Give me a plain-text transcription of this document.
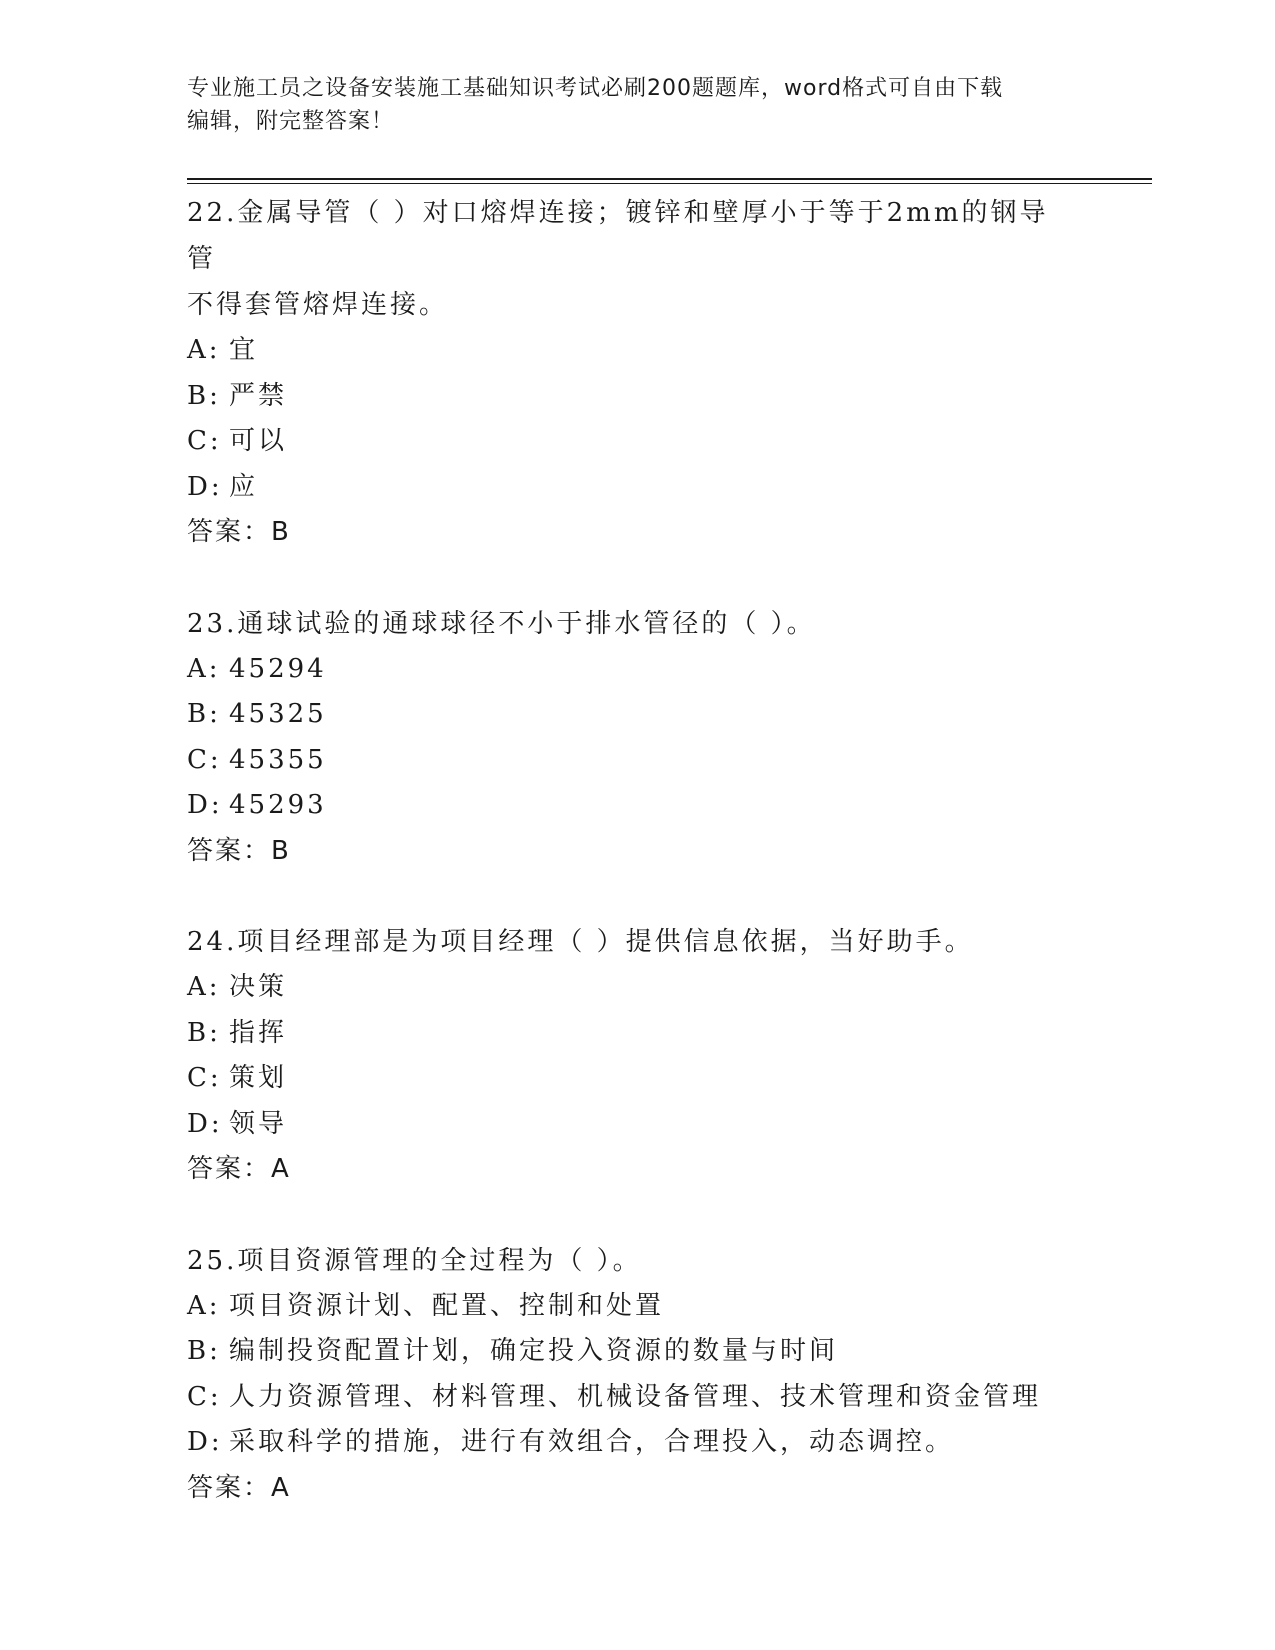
专业施工员之设备安装施工基础知识考试必刷200题题库，word格式可自由下载
编辑，附完整答案！
22.金属导管（ ）对口熔焊连接；镀锌和壁厚小于等于2mm的钢导管
不得套管熔焊连接。
A: 宜
B: 严禁
C: 可以
D: 应
答案：B
23.通球试验的通球球径不小于排水管径的（ ）。
A: 45294
B: 45325
C: 45355
D: 45293
答案：B
24.项目经理部是为项目经理（ ）提供信息依据，当好助手。
A: 决策
B: 指挥
C: 策划
D: 领导
答案：A
25.项目资源管理的全过程为（ ）。
A: 项目资源计划、配置、控制和处置
B: 编制投资配置计划，确定投入资源的数量与时间
C: 人力资源管理、材料管理、机械设备管理、技术管理和资金管理
D: 采取科学的措施，进行有效组合，合理投入，动态调控。
答案：A
